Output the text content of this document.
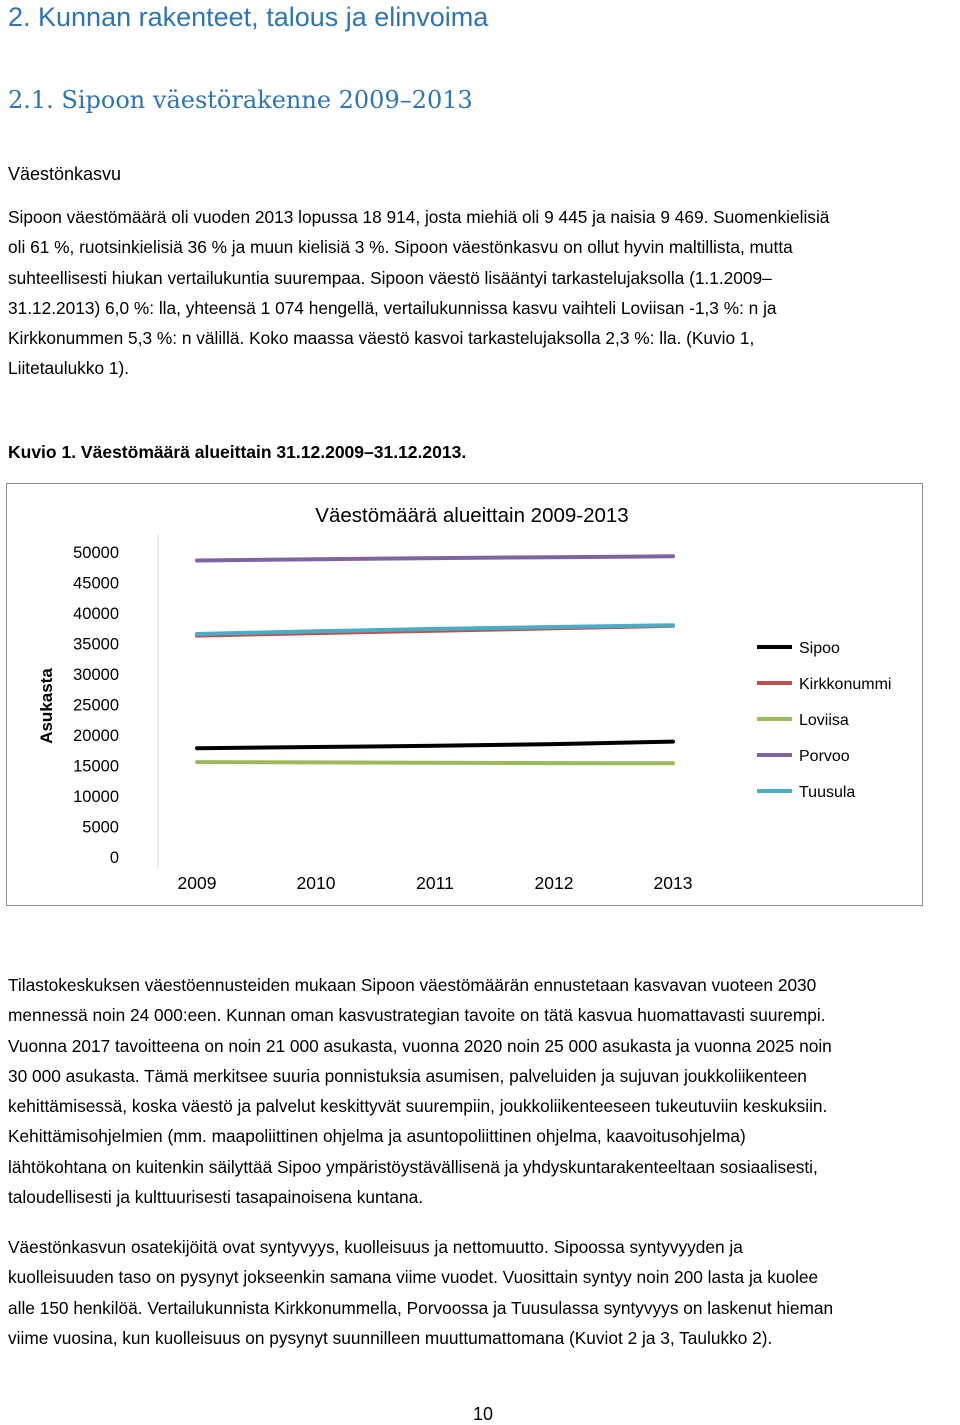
2. Kunnan rakenteet, talous ja elinvoima
2.1. Sipoon väestörakenne 2009–2013
Väestönkasvu
Sipoon väestömäärä oli vuoden 2013 lopussa 18 914, josta miehiä oli 9 445 ja naisia 9 469. Suomenkielisiä
oli 61 %, ruotsinkielisiä 36 % ja muun kielisiä 3 %. Sipoon väestönkasvu on ollut hyvin maltillista, mutta
suhteellisesti hiukan vertailukuntia suurempaa. Sipoon väestö lisääntyi tarkastelujaksolla (1.1.2009–
31.12.2013) 6,0 %: lla, yhteensä 1 074 hengellä, vertailukunnissa kasvu vaihteli Loviisan -1,3 %: n ja
Kirkkonummen 5,3 %: n välillä. Koko maassa väestö kasvoi tarkastelujaksolla 2,3 %: lla. (Kuvio 1,
Liitetaulukko 1).

Kuvio 1. Väestömäärä alueittain 31.12.2009–31.12.2013.

Väestömäärä alueittain 2009-2013
Asukasta
50000
45000
40000
35000
30000
25000
20000
15000
10000
5000
0
2009	2010	2011	2012	2013
Sipoo
Kirkkonummi
Loviisa
Porvoo
Tuusula
Tilastokeskuksen väestöennusteiden mukaan Sipoon väestömäärän ennustetaan kasvavan vuoteen 2030
mennessä noin 24 000:een. Kunnan oman kasvustrategian tavoite on tätä kasvua huomattavasti suurempi.
Vuonna 2017 tavoitteena on noin 21 000 asukasta, vuonna 2020 noin 25 000 asukasta ja vuonna 2025 noin
30 000 asukasta. Tämä merkitsee suuria ponnistuksia asumisen, palveluiden ja sujuvan joukkoliikenteen
kehittämisessä, koska väestö ja palvelut keskittyvät suurempiin, joukkoliikenteeseen tukeutuviin keskuksiin.
Kehittämisohjelmien (mm. maapoliittinen ohjelma ja asuntopoliittinen ohjelma, kaavoitusohjelma)
lähtökohtana on kuitenkin säilyttää Sipoo ympäristöystävällisenä ja yhdyskuntarakenteeltaan sosiaalisesti,
taloudellisesti ja kulttuurisesti tasapainoisena kuntana.
Väestönkasvun osatekijöitä ovat syntyvyys, kuolleisuus ja nettomuutto. Sipoossa syntyvyyden ja
kuolleisuuden taso on pysynyt jokseenkin samana viime vuodet. Vuosittain syntyy noin 200 lasta ja kuolee
alle 150 henkilöä. Vertailukunnista Kirkkonummella, Porvoossa ja Tuusulassa syntyvyys on laskenut hieman
viime vuosina, kun kuolleisuus on pysynyt suunnilleen muuttumattomana (Kuviot 2 ja 3, Taulukko 2).
10
